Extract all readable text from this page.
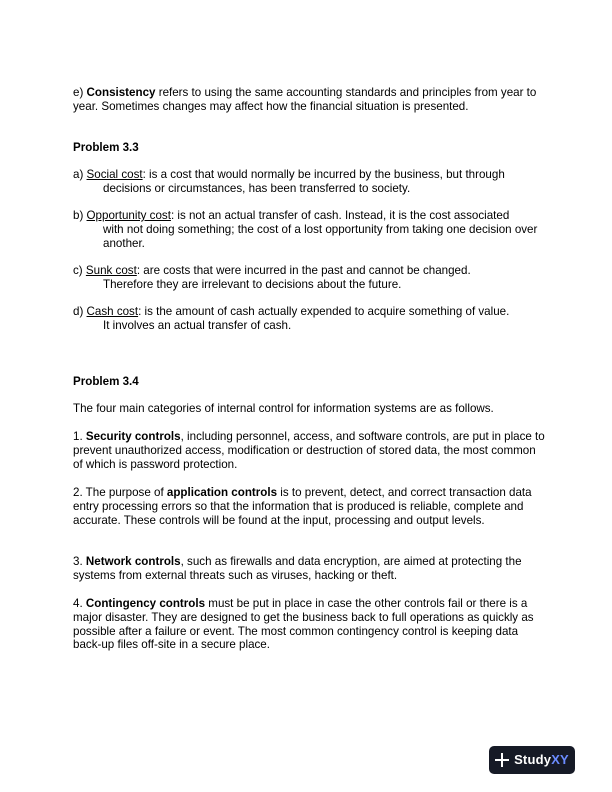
e) Consistency refers to using the same accounting standards and principles from year to year. Sometimes changes may affect how the financial situation is presented.
Problem 3.3
a) Social cost: is a cost that would normally be incurred by the business, but through
decisions or circumstances, has been transferred to society.
b) Opportunity cost: is not an actual transfer of cash. Instead, it is the cost associated
with not doing something; the cost of a lost opportunity from taking one decision over another.
c) Sunk cost: are costs that were incurred in the past and cannot be changed.
Therefore they are irrelevant to decisions about the future.
d) Cash cost: is the amount of cash actually expended to acquire something of value.
It involves an actual transfer of cash.
Problem 3.4
The four main categories of internal control for information systems are as follows.
1. Security controls, including personnel, access, and software controls, are put in place to prevent unauthorized access, modification or destruction of stored data, the most common of which is password protection.
2. The purpose of application controls is to prevent, detect, and correct transaction data entry processing errors so that the information that is produced is reliable, complete and accurate. These controls will be found at the input, processing and output levels.
3. Network controls, such as firewalls and data encryption, are aimed at protecting the systems from external threats such as viruses, hacking or theft.
4. Contingency controls must be put in place in case the other controls fail or there is a major disaster. They are designed to get the business back to full operations as quickly as possible after a failure or event. The most common contingency control is keeping data back-up files off-site in a secure place.
StudyXY
